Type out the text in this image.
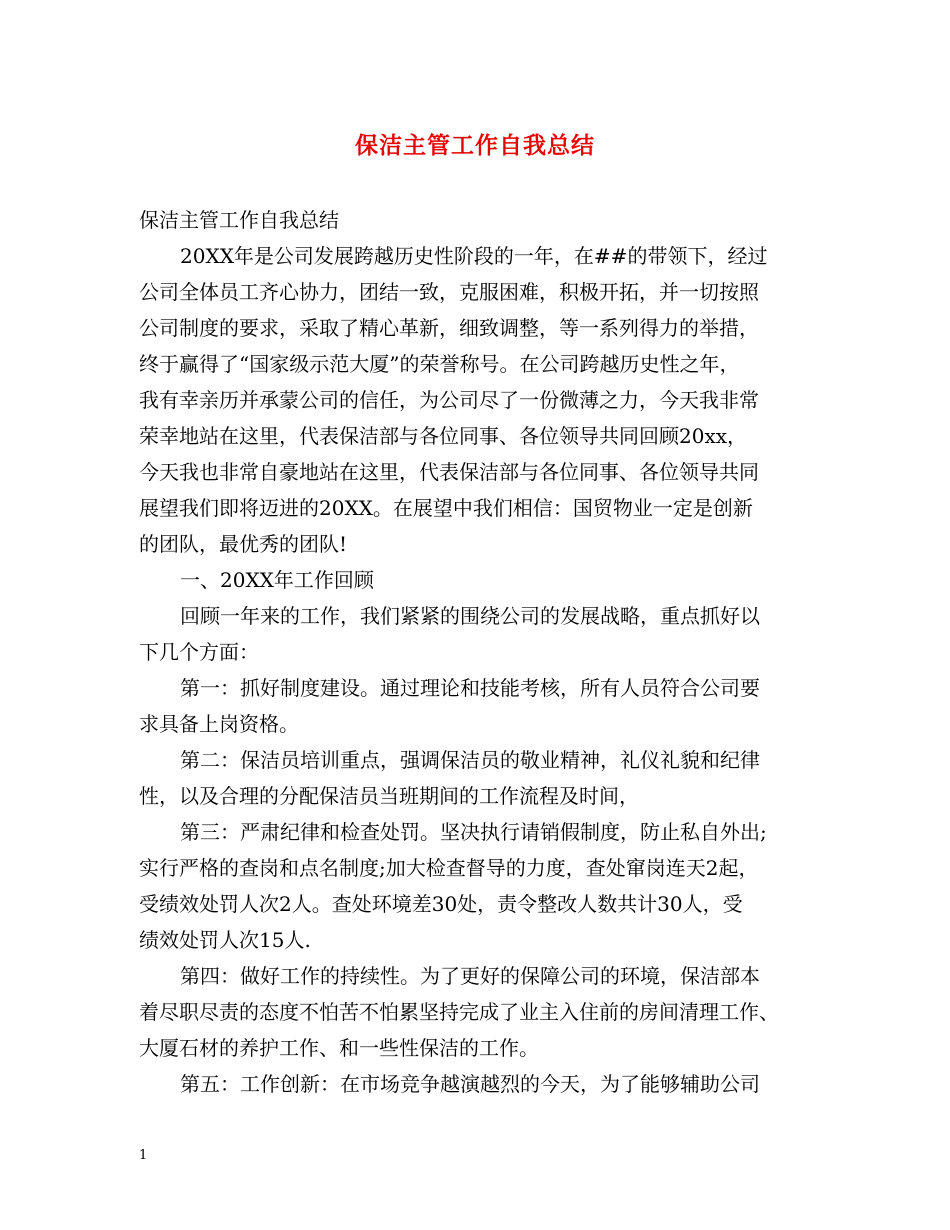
保洁主管工作自我总结
保洁主管工作自我总结
20XX年是公司发展跨越历史性阶段的一年，在##的带领下，经过
公司全体员工齐心协力，团结一致，克服困难，积极开拓，并一切按照
公司制度的要求，采取了精心革新，细致调整，等一系列得力的举措，
终于赢得了“国家级示范大厦”的荣誉称号。在公司跨越历史性之年，
我有幸亲历并承蒙公司的信任，为公司尽了一份微薄之力，今天我非常
荣幸地站在这里，代表保洁部与各位同事、各位领导共同回顾20xx，
今天我也非常自豪地站在这里，代表保洁部与各位同事、各位领导共同
展望我们即将迈进的20XX。在展望中我们相信：国贸物业一定是创新
的团队，最优秀的团队!
一、20XX年工作回顾
回顾一年来的工作，我们紧紧的围绕公司的发展战略，重点抓好以
下几个方面：
第一：抓好制度建设。通过理论和技能考核，所有人员符合公司要
求具备上岗资格。
第二：保洁员培训重点，强调保洁员的敬业精神，礼仪礼貌和纪律
性，以及合理的分配保洁员当班期间的工作流程及时间，
第三：严肃纪律和检查处罚。坚决执行请销假制度，防止私自外出;
实行严格的查岗和点名制度;加大检查督导的力度，查处窜岗连天2起，
受绩效处罚人次2人。查处环境差30处，责令整改人数共计30人，受
绩效处罚人次15人.
第四：做好工作的持续性。为了更好的保障公司的环境，保洁部本
着尽职尽责的态度不怕苦不怕累坚持完成了业主入住前的房间清理工作、
大厦石材的养护工作、和一些性保洁的工作。
第五：工作创新：在市场竞争越演越烈的今天，为了能够辅助公司
1
